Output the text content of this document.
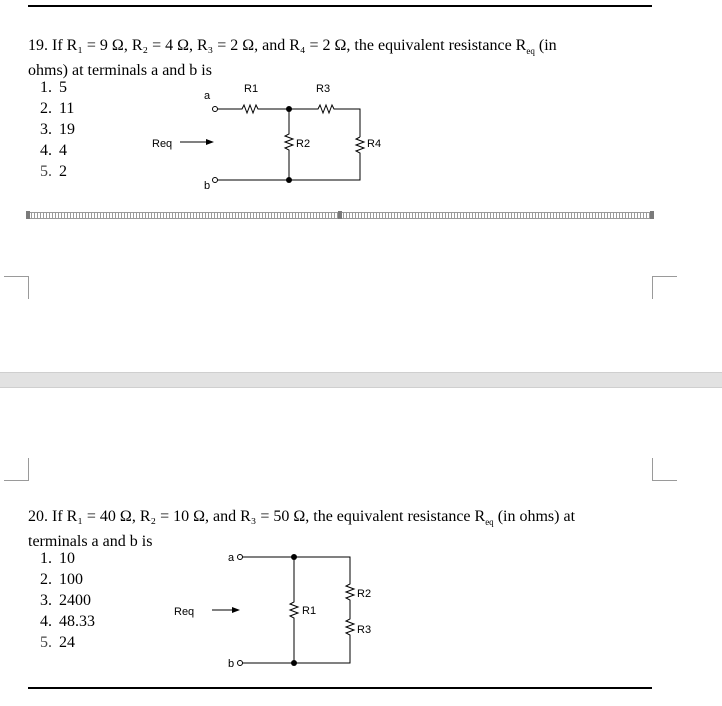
19. If R₁ = 9 Ω, R₂ = 4 Ω, R₃ = 2 Ω, and R₄ = 2 Ω, the equivalent resistance $R_{eq}$ (in
ohms) at terminals a and b is
1. 5
2. 11
3. 19
4. 4
5. 2
a
b
Req
R1	R3
R2	R4
20. If R₁ = 40 Ω, R₂ = 10 Ω, and R₃ = 50 Ω, the equivalent resistance $R_{eq}$ (in ohms) at
terminals a and b is
1. 10
2. 100
3. 2400
4. 48.33
5. 24
a
b
Req	R1
R2
R3
